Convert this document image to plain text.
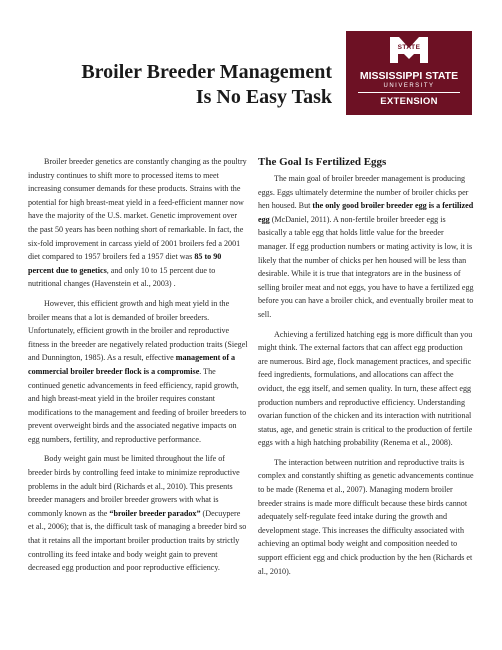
Broiler Breeder Management
Is No Easy Task
STATE
MISSISSIPPI STATE
UNIVERSITY
EXTENSION

Broiler breeder genetics are constantly changing as the poultry industry continues to shift more to processed items to meet increasing consumer demands for these products. Strains with the potential for high breast-meat yield in a feed-efficient manner now have the majority of the U.S. market. Genetic improvement over the past 50 years has been nothing short of remarkable. In fact, the six-fold improvement in carcass yield of 2001 broilers fed a 2001 diet compared to 1957 broilers fed a 1957 diet was 85 to 90 percent due to genetics, and only 10 to 15 percent due to nutritional changes (Havenstein et al., 2003) .

However, this efficient growth and high meat yield in the broiler means that a lot is demanded of broiler breeders. Unfortunately, efficient growth in the broiler and reproductive fitness in the breeder are negatively related production traits (Siegel and Dunnington, 1985). As a result, effective management of a commercial broiler breeder flock is a compromise. The continued genetic advancements in feed efficiency, rapid growth, and high breast-meat yield in the broiler requires constant modifications to the management and feeding of broiler breeders to prevent overweight birds and the associated negative impacts on egg numbers, fertility, and reproductive performance.

Body weight gain must be limited throughout the life of breeder birds by controlling feed intake to minimize reproductive problems in the adult bird (Richards et al., 2010). This presents breeder managers and broiler breeder growers with what is commonly known as the “broiler breeder paradox” (Decuypere et al., 2006); that is, the difficult task of managing a breeder bird so that it retains all the important broiler production traits by strictly controlling its feed intake and body weight gain to prevent decreased egg production and poor reproductive efficiency.

The Goal Is Fertilized Eggs

The main goal of broiler breeder management is producing eggs. Eggs ultimately determine the number of broiler chicks per hen housed. But the only good broiler breeder egg is a fertilized egg (McDaniel, 2011). A non-fertile broiler breeder egg is basically a table egg that holds little value for the breeder manager. If egg production numbers or mating activity is low, it is likely that the number of chicks per hen housed will be less than desirable. While it is true that integrators are in the business of selling broiler meat and not eggs, you have to have a fertilized egg before you can have a broiler chick, and eventually broiler meat to sell.

Achieving a fertilized hatching egg is more difficult than you might think. The external factors that can affect egg production are numerous. Bird age, flock management practices, and specific feed ingredients, formulations, and allocations can affect the oviduct, the egg itself, and semen quality. In turn, these affect egg production numbers and reproductive efficiency. Understanding ovarian function of the chicken and its interaction with nutritional status, age, and genetic strain is critical to the production of fertile eggs with a high hatching probability (Renema et al., 2008).

The interaction between nutrition and reproductive traits is complex and constantly shifting as genetic advancements continue to be made (Renema et al., 2007). Managing modern broiler breeder strains is made more difficult because these birds cannot adequately self-regulate feed intake during the growth and development stage. This increases the difficulty associated with achieving an optimal body weight and composition needed to support efficient egg and chick production by the hen (Richards et al., 2010).
